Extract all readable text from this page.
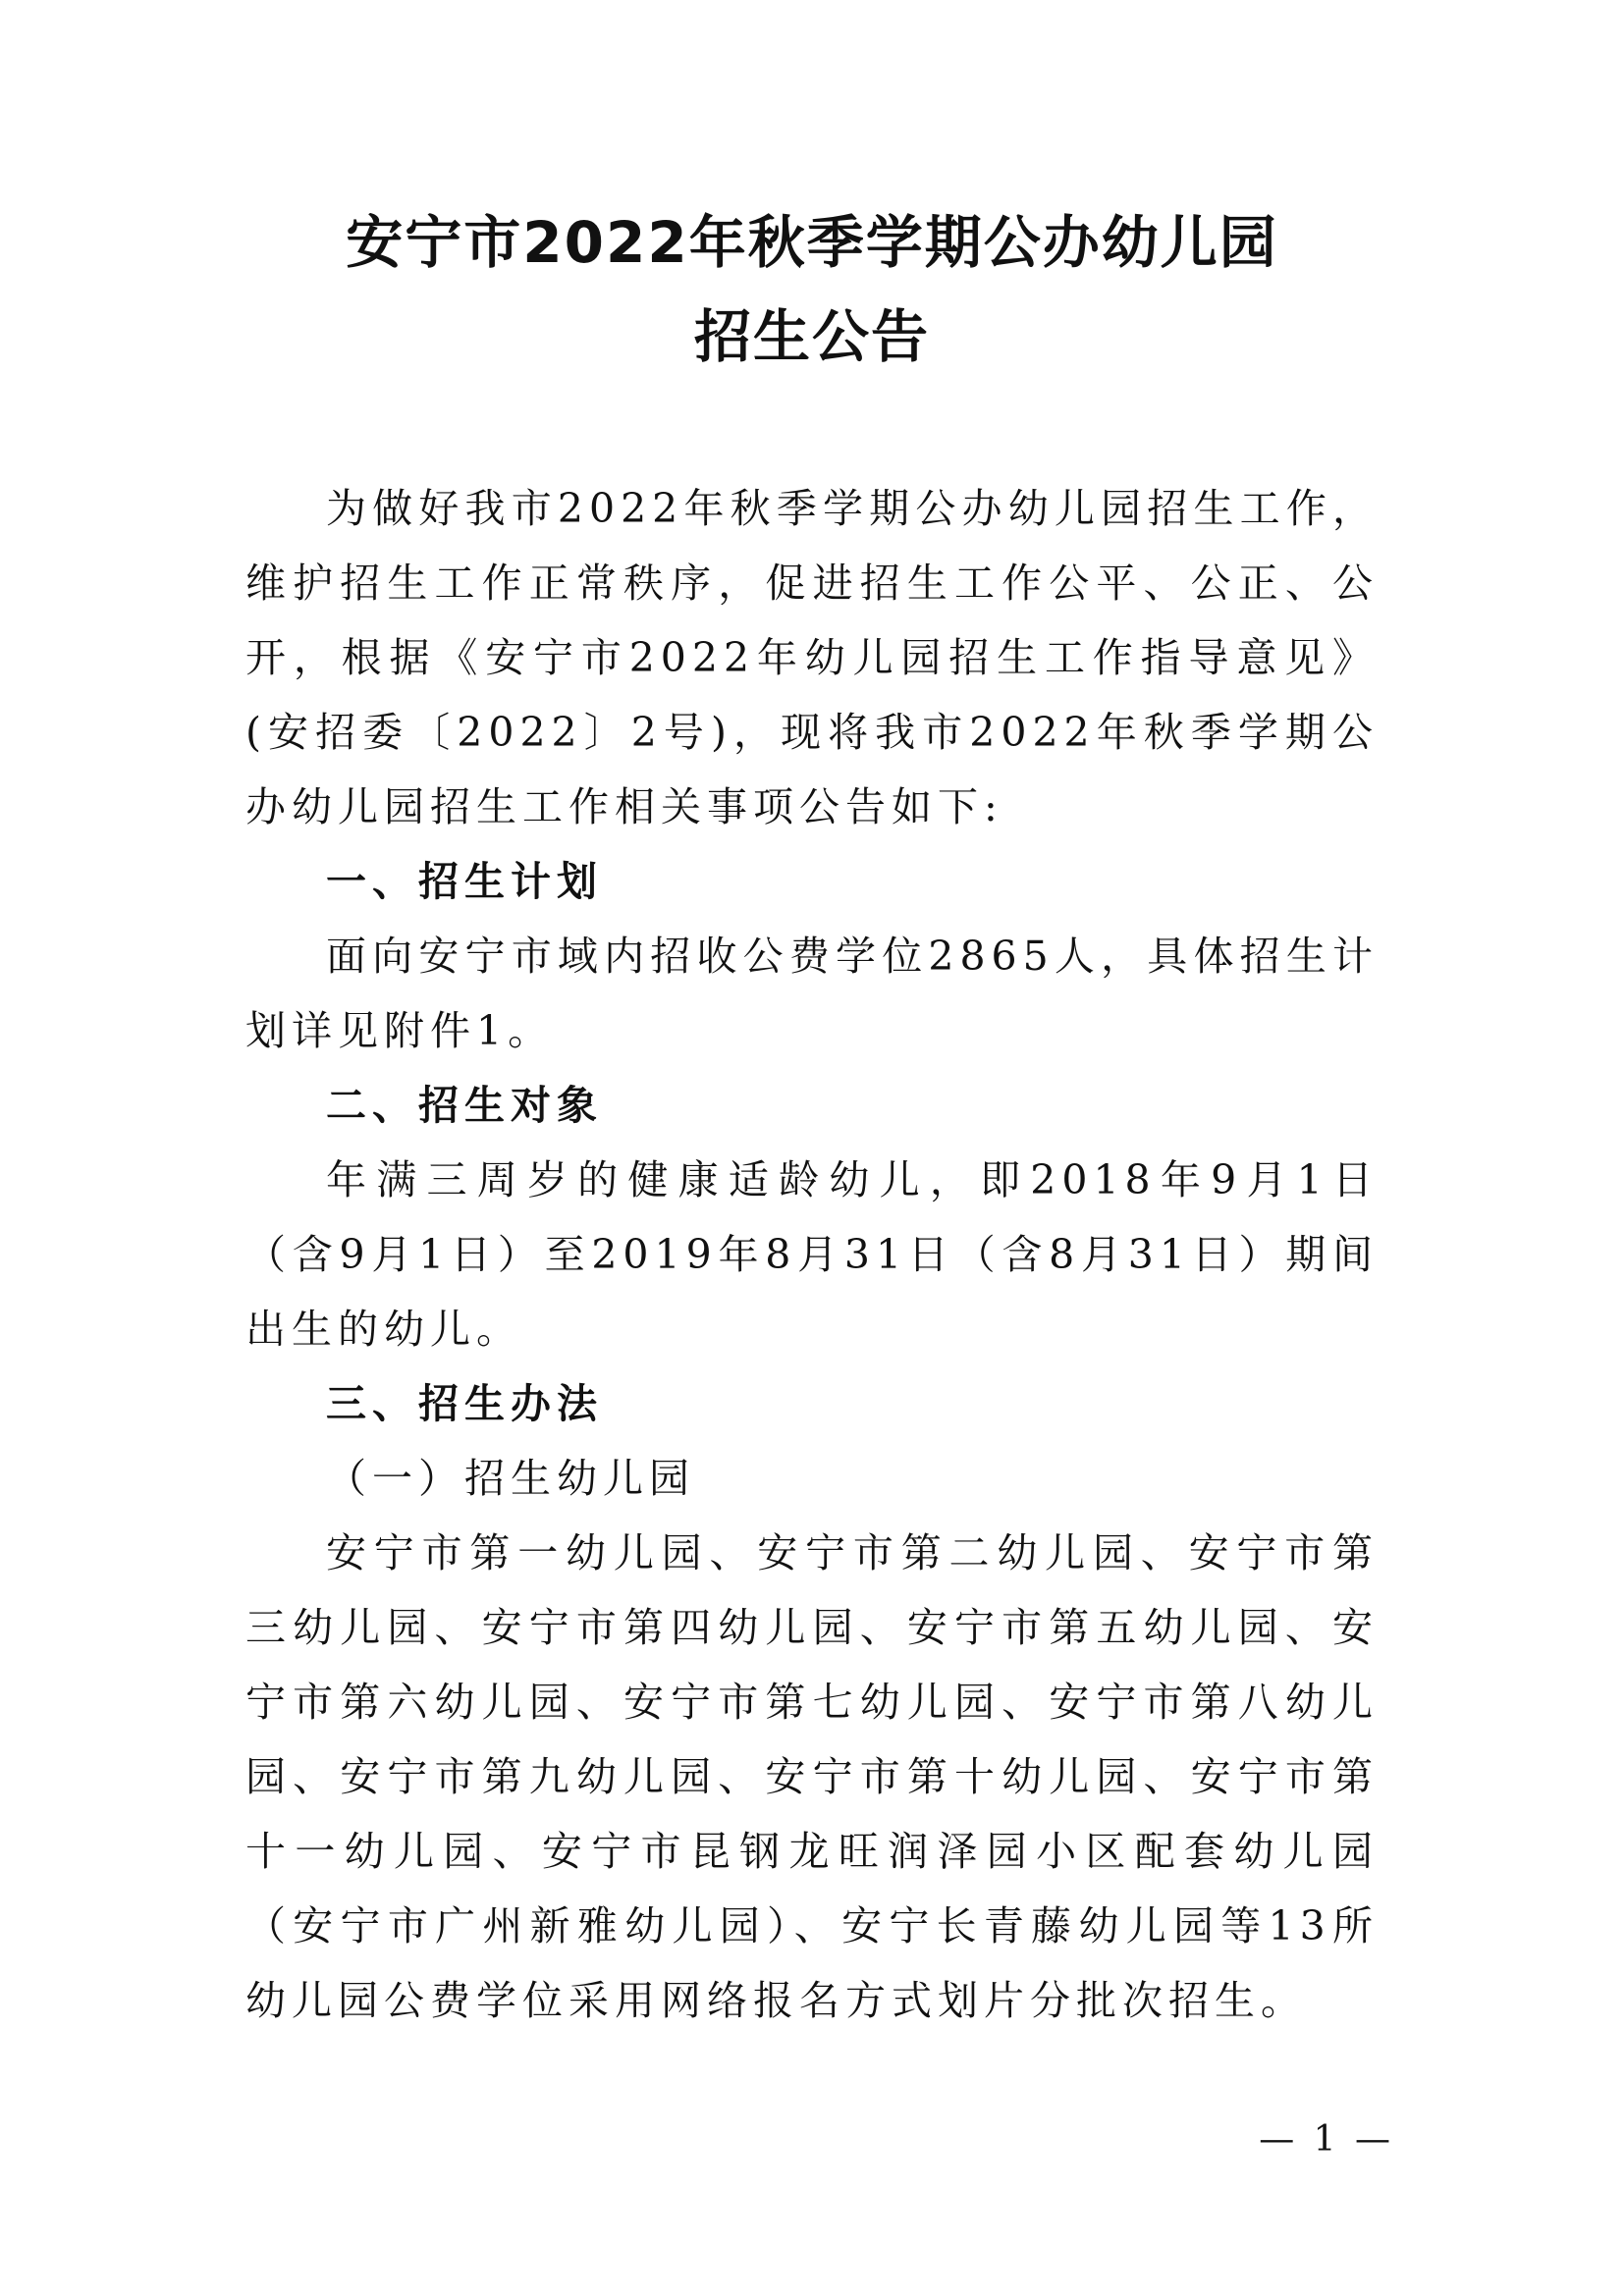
安宁市2022年秋季学期公办幼儿园
招生公告

为做好我市2022年秋季学期公办幼儿园招生工作，维护招生工作正常秩序，促进招生工作公平、公正、公开，根据《安宁市2022年幼儿园招生工作指导意见》(安招委〔2022〕2号)，现将我市2022年秋季学期公办幼儿园招生工作相关事项公告如下:

一、招生计划

面向安宁市域内招收公费学位2865人，具体招生计划详见附件1。

二、招生对象

年满三周岁的健康适龄幼儿，即2018年9月1日（含9月1日）至2019年8月31日（含8月31日）期间出生的幼儿。

三、招生办法

（一）招生幼儿园

安宁市第一幼儿园、安宁市第二幼儿园、安宁市第三幼儿园、安宁市第四幼儿园、安宁市第五幼儿园、安宁市第六幼儿园、安宁市第七幼儿园、安宁市第八幼儿园、安宁市第九幼儿园、安宁市第十幼儿园、安宁市第十一幼儿园、安宁市昆钢龙旺润泽园小区配套幼儿园（安宁市广州新雅幼儿园）、安宁长青藤幼儿园等13所幼儿园公费学位采用网络报名方式划片分批次招生。

— 1 —
